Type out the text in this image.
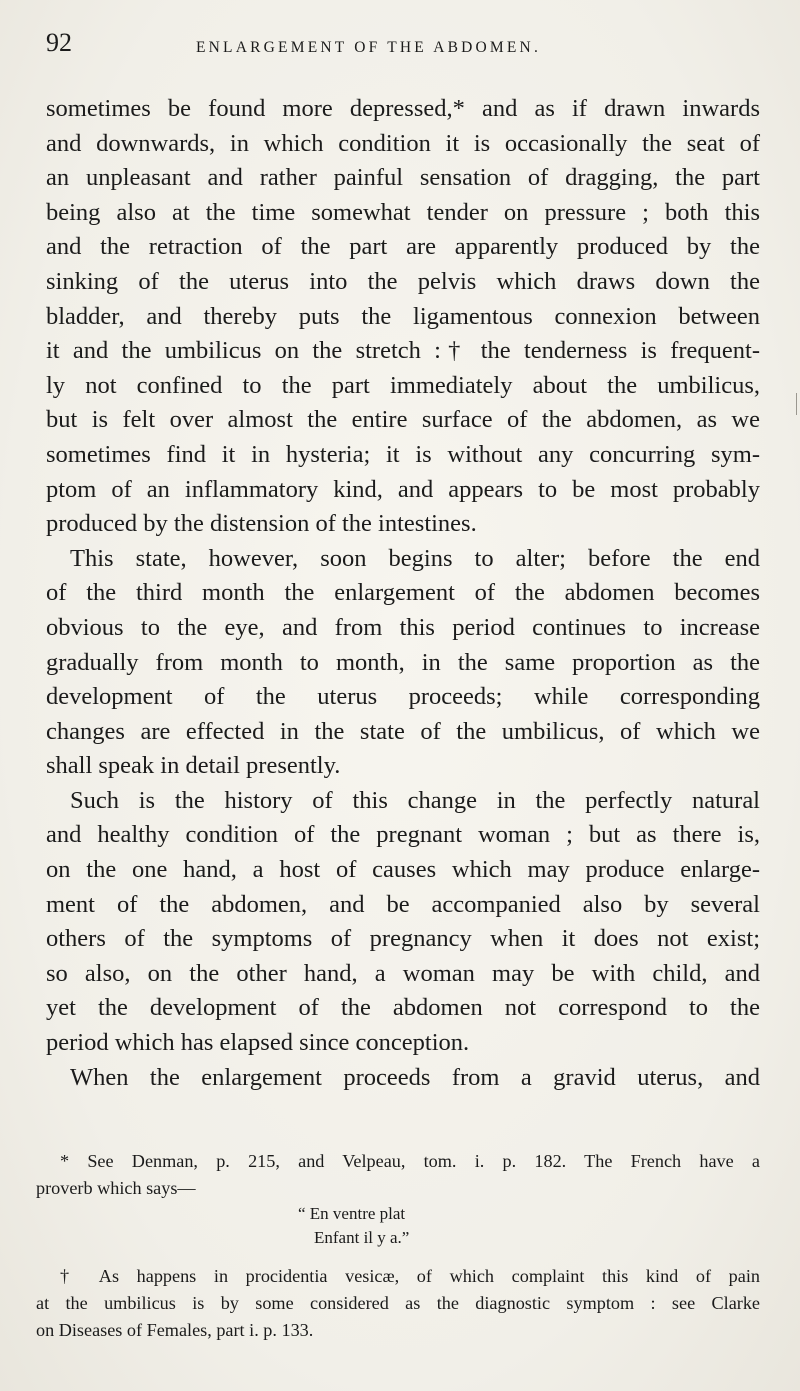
92	ENLARGEMENT OF THE ABDOMEN.

sometimes be found more depressed,* and as if drawn inwards
and downwards, in which condition it is occasionally the seat of
an unpleasant and rather painful sensation of dragging, the part
being also at the time somewhat tender on pressure ; both this
and the retraction of the part are apparently produced by the
sinking of the uterus into the pelvis which draws down the
bladder, and thereby puts the ligamentous connexion between
it and the umbilicus on the stretch :† the tenderness is frequent-
ly not confined to the part immediately about the umbilicus,
but is felt over almost the entire surface of the abdomen, as we
sometimes find it in hysteria; it is without any concurring sym-
ptom of an inflammatory kind, and appears to be most probably
produced by the distension of the intestines.

This state, however, soon begins to alter; before the end
of the third month the enlargement of the abdomen becomes
obvious to the eye, and from this period continues to increase
gradually from month to month, in the same proportion as the
development of the uterus proceeds; while corresponding
changes are effected in the state of the umbilicus, of which we
shall speak in detail presently.

Such is the history of this change in the perfectly natural
and healthy condition of the pregnant woman ; but as there is,
on the one hand, a host of causes which may produce enlarge-
ment of the abdomen, and be accompanied also by several
others of the symptoms of pregnancy when it does not exist;
so also, on the other hand, a woman may be with child, and
yet the development of the abdomen not correspond to the
period which has elapsed since conception.

When the enlargement proceeds from a gravid uterus, and

* See Denman, p. 215, and Velpeau, tom. i. p. 182. The French have a
proverb which says—
“ En ventre plat
Enfant il y a.”
† As happens in procidentia vesicæ, of which complaint this kind of pain
at the umbilicus is by some considered as the diagnostic symptom : see Clarke
on Diseases of Females, part i. p. 133.
